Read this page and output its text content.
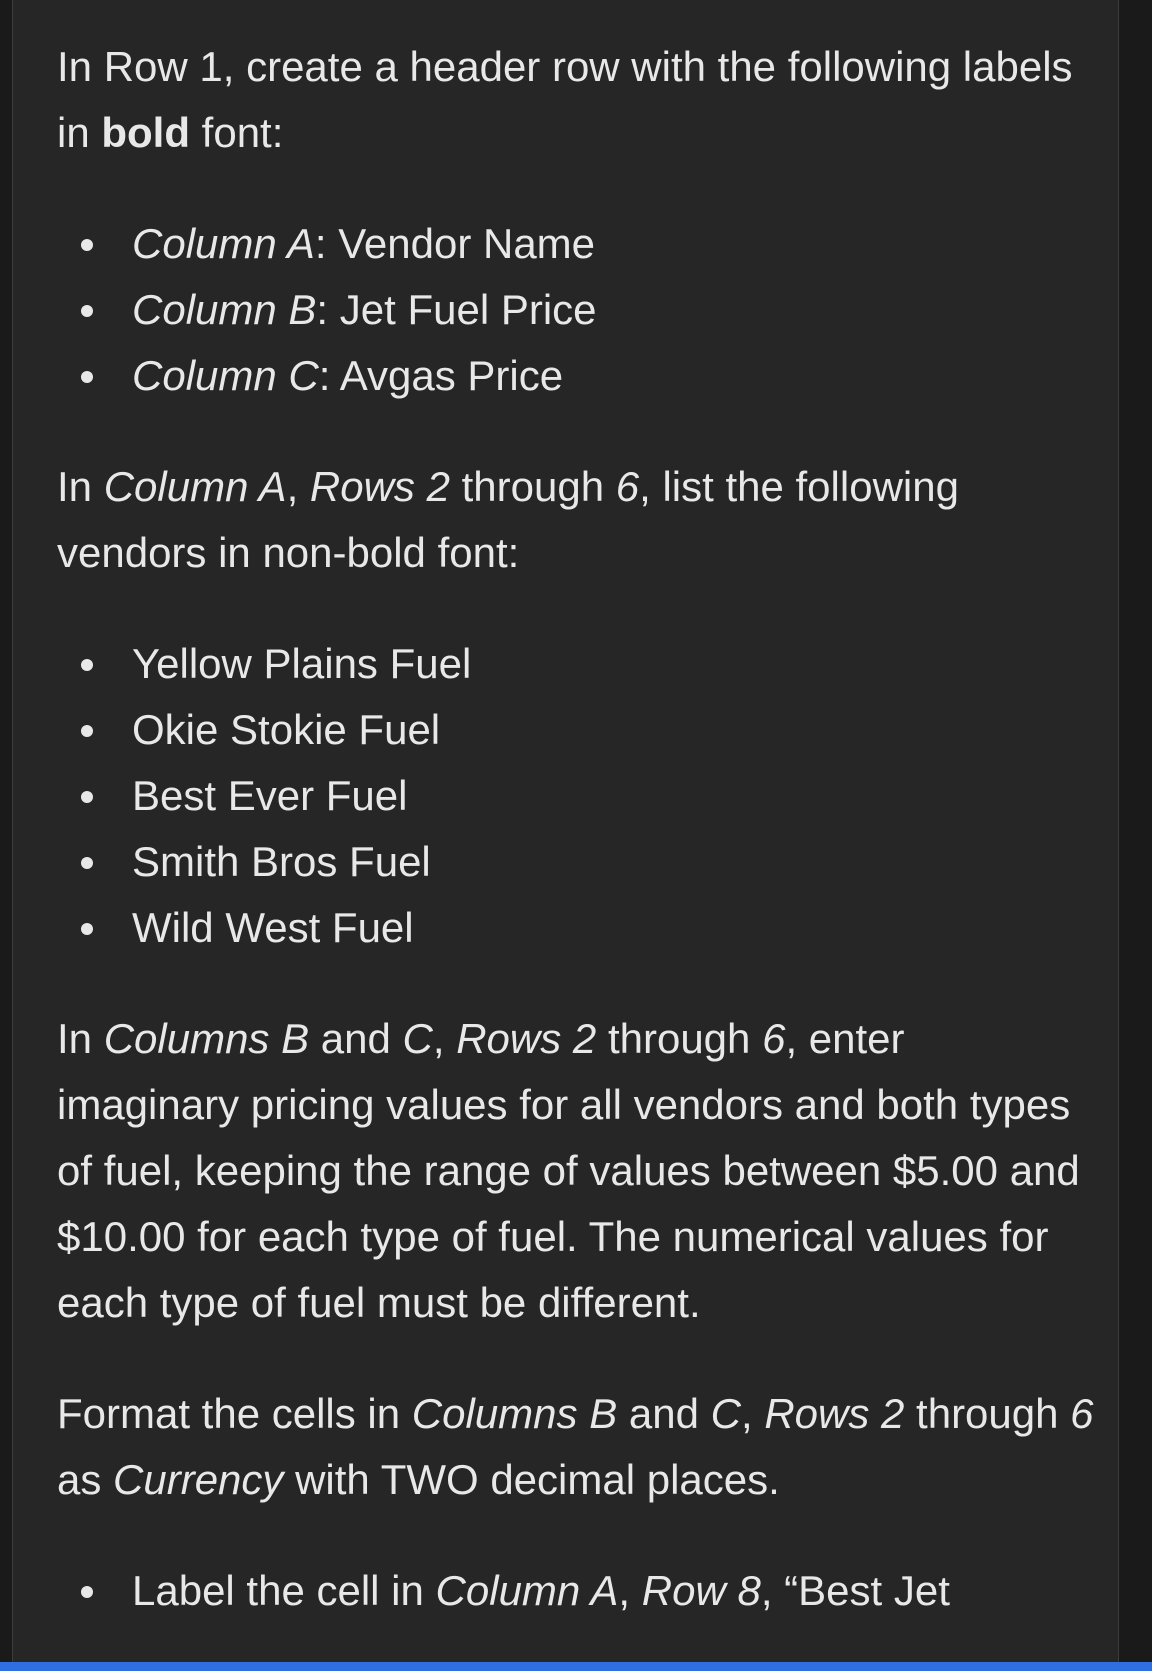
In Row 1, create a header row with the following labels in bold font:

Column A: Vendor Name
Column B: Jet Fuel Price
Column C: Avgas Price

In Column A, Rows 2 through 6, list the following vendors in non-bold font:

Yellow Plains Fuel
Okie Stokie Fuel
Best Ever Fuel
Smith Bros Fuel
Wild West Fuel

In Columns B and C, Rows 2 through 6, enter imaginary pricing values for all vendors and both types of fuel, keeping the range of values between $5.00 and $10.00 for each type of fuel. The numerical values for each type of fuel must be different.

Format the cells in Columns B and C, Rows 2 through 6 as Currency with TWO decimal places.

Label the cell in Column A, Row 8, “Best Jet
